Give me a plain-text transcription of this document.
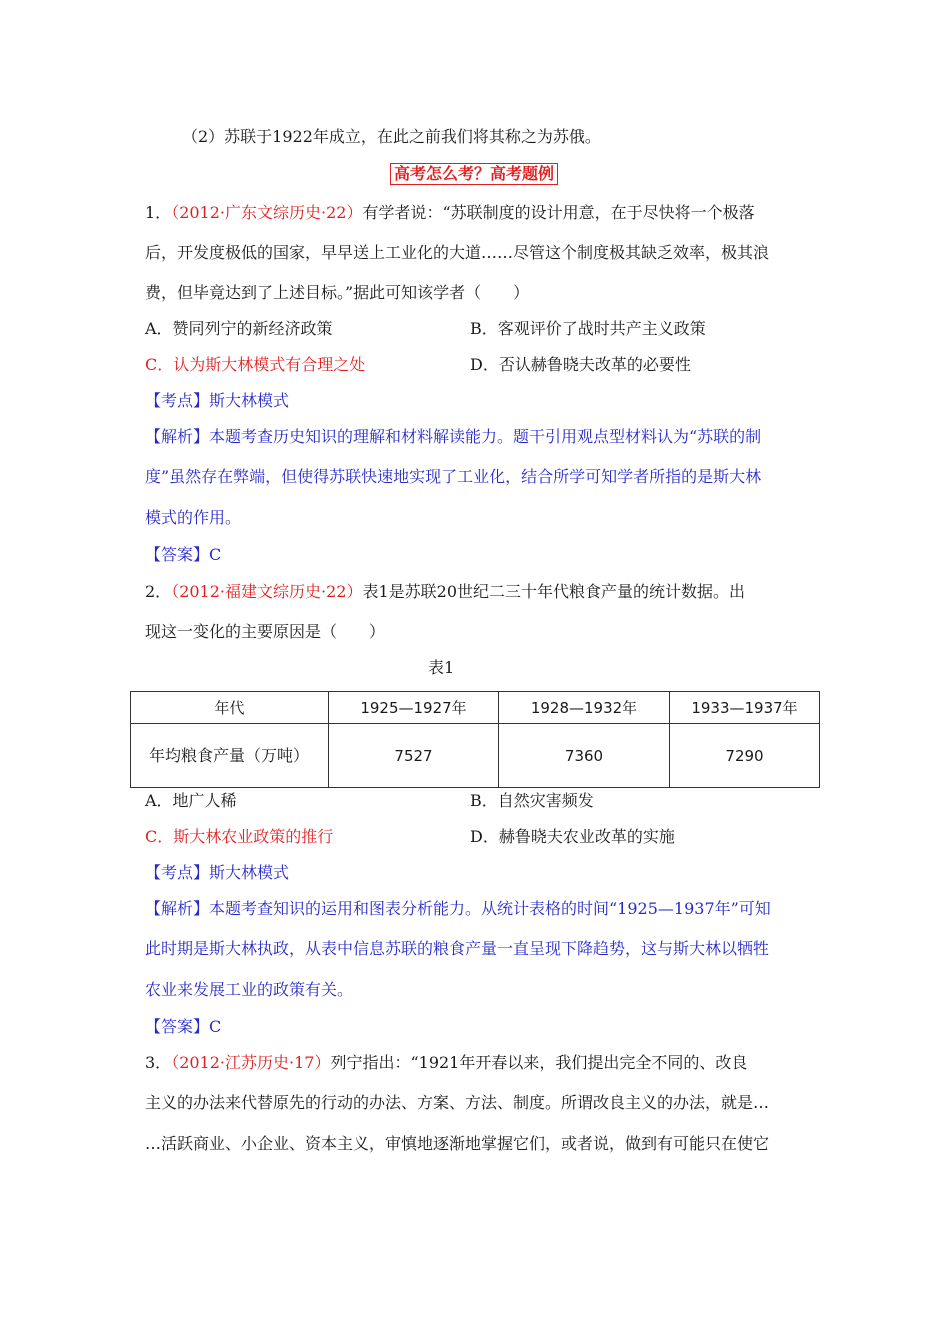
（2）苏联于1922年成立，在此之前我们将其称之为苏俄。
高考怎么考？高考题例
1．（2012·广东文综历史·22）有学者说：“苏联制度的设计用意，在于尽快将一个极落
后，开发度极低的国家，早早送上工业化的大道……尽管这个制度极其缺乏效率，极其浪
费，但毕竟达到了上述目标。”据此可知该学者（　　）
A．赞同列宁的新经济政策	B．客观评价了战时共产主义政策
C．认为斯大林模式有合理之处	D．否认赫鲁晓夫改革的必要性
【考点】斯大林模式
【解析】本题考查历史知识的理解和材料解读能力。题干引用观点型材料认为“苏联的制
度”虽然存在弊端，但使得苏联快速地实现了工业化，结合所学可知学者所指的是斯大林
模式的作用。
【答案】C
2．（2012·福建文综历史·22）表1是苏联20世纪二三十年代粮食产量的统计数据。出
现这一变化的主要原因是（　　）
表1
年代	1925—1927年	1928—1932年	1933—1937年
年均粮食产量（万吨）	7527	7360	7290
A．地广人稀	B．自然灾害频发
C．斯大林农业政策的推行	D．赫鲁晓夫农业改革的实施
【考点】斯大林模式
【解析】本题考查知识的运用和图表分析能力。从统计表格的时间“1925—1937年”可知
此时期是斯大林执政，从表中信息苏联的粮食产量一直呈现下降趋势，这与斯大林以牺牲
农业来发展工业的政策有关。
【答案】C
3．（2012·江苏历史·17）列宁指出：“1921年开春以来，我们提出完全不同的、改良
主义的办法来代替原先的行动的办法、方案、方法、制度。所谓改良主义的办法，就是…
…活跃商业、小企业、资本主义，审慎地逐渐地掌握它们，或者说，做到有可能只在使它
